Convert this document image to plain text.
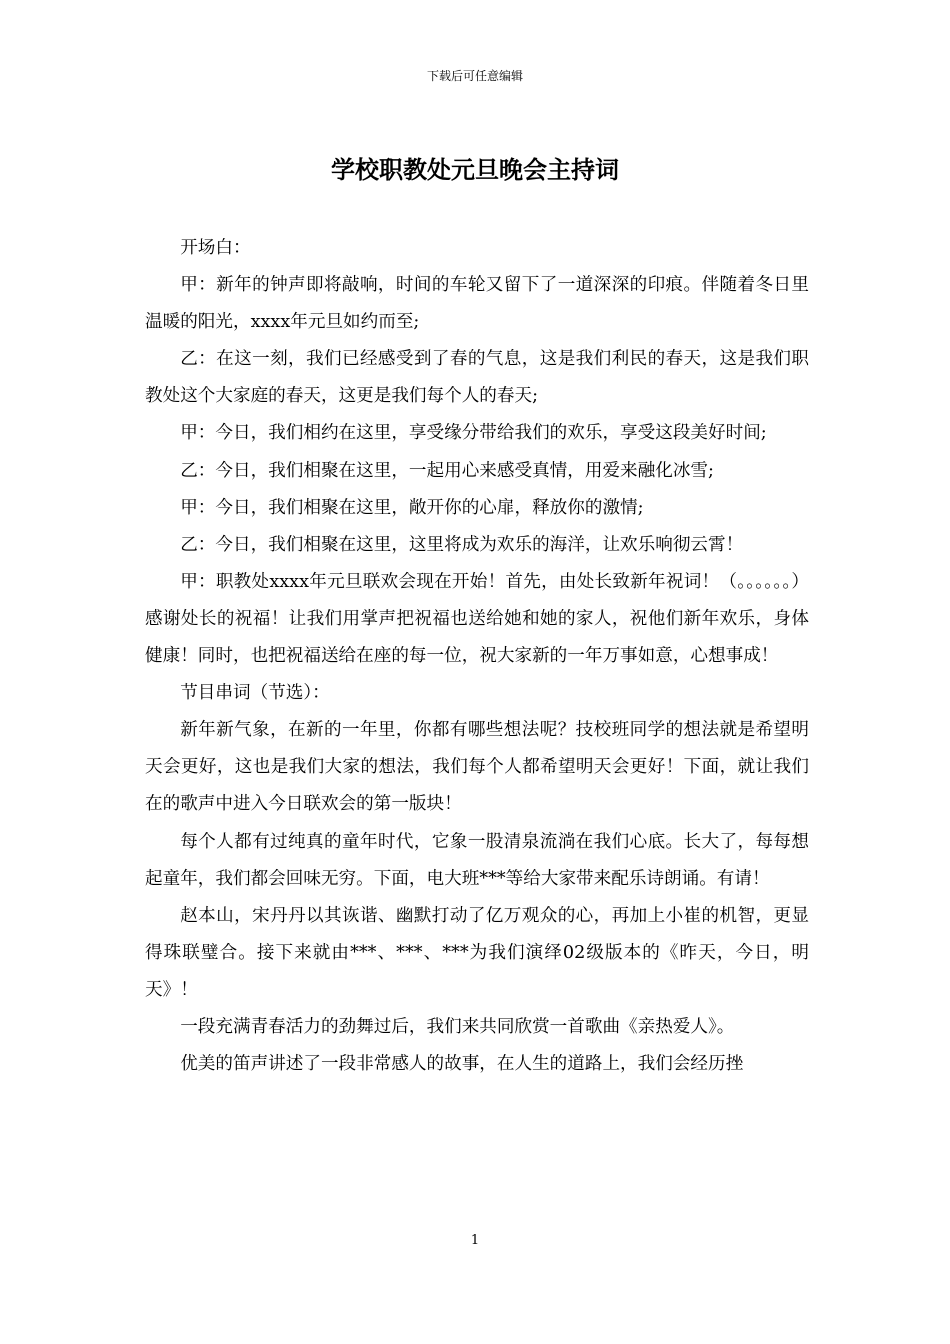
下载后可任意编辑
学校职教处元旦晚会主持词

开场白：

甲：新年的钟声即将敲响，时间的车轮又留下了一道深深的印痕。伴随着冬日里温暖的阳光，xxxx年元旦如约而至;

乙：在这一刻，我们已经感受到了春的气息，这是我们利民的春天，这是我们职教处这个大家庭的春天，这更是我们每个人的春天;

甲：今日，我们相约在这里，享受缘分带给我们的欢乐，享受这段美好时间;

乙：今日，我们相聚在这里，一起用心来感受真情，用爱来融化冰雪;

甲：今日，我们相聚在这里，敞开你的心扉，释放你的激情;

乙：今日，我们相聚在这里，这里将成为欢乐的海洋，让欢乐响彻云霄！

甲：职教处xxxx年元旦联欢会现在开始！首先，由处长致新年祝词！（。。。。。。）感谢处长的祝福！让我们用掌声把祝福也送给她和她的家人，祝他们新年欢乐，身体健康！同时，也把祝福送给在座的每一位，祝大家新的一年万事如意，心想事成！

节目串词（节选）：

新年新气象，在新的一年里，你都有哪些想法呢？技校班同学的想法就是希望明天会更好，这也是我们大家的想法，我们每个人都希望明天会更好！下面，就让我们在的歌声中进入今日联欢会的第一版块！

每个人都有过纯真的童年时代，它象一股清泉流淌在我们心底。长大了，每每想起童年，我们都会回味无穷。下面，电大班***等给大家带来配乐诗朗诵。有请！

赵本山，宋丹丹以其诙谐、幽默打动了亿万观众的心，再加上小崔的机智，更显得珠联璧合。接下来就由***、***、***为我们演绎02级版本的《昨天，今日，明天》！

一段充满青春活力的劲舞过后，我们来共同欣赏一首歌曲《亲热爱人》。

优美的笛声讲述了一段非常感人的故事，在人生的道路上，我们会经历挫

1
